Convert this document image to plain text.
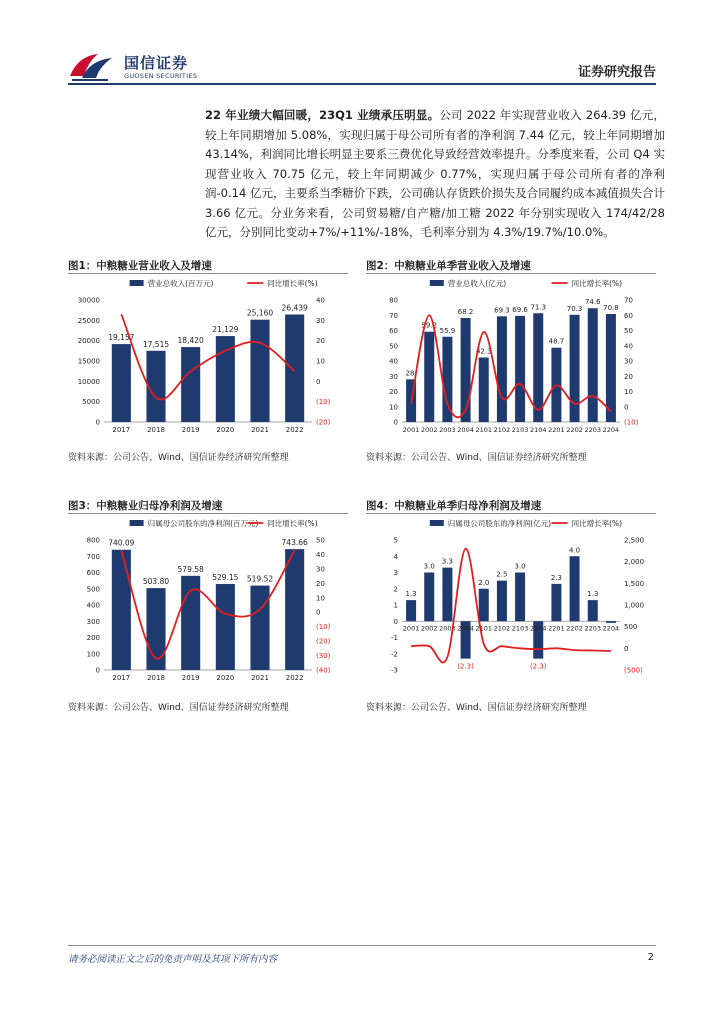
国信证券
GUOSEN SECURITIES	证券研究报告
22 年业绩大幅回暖，23Q1 业绩承压明显。公司 2022 年实现营业收入 264.39 亿元，较上年同期增加 5.08%，实现归属于母公司所有者的净利润 7.44 亿元，较上年同期增加 43.14%，利润同比增长明显主要系三费优化导致经营效率提升。分季度来看，公司 Q4 实现营业收入 70.75 亿元，较上年同期减少 0.77%，实现归属于母公司所有者的净利润-0.14 亿元，主要系当季糖价下跌，公司确认存货跌价损失及合同履约成本减值损失合计 3.66 亿元。分业务来看，公司贸易糖/自产糖/加工糖 2022 年分别实现收入 174/42/28 亿元，分别同比变动+7%/+11%/-18%，毛利率分别为 4.3%/19.7%/10.0%。
图1：中粮糖业营业收入及增速
营业总收入(百万元)	同比增长率(%)
0
5000
10000
15000
20000
25000
30000
(20)
(10)
0
10
20
30
40
19,157
17,515 18,420
21,129
25,160
26,439
2017 2018 2019 2020 2021 2022
资料来源：公司公告、Wind、国信证券经济研究所整理
图2：中粮糖业单季营业收入及增速
营业总收入(亿元)	同比增长率(%)
0
10
20
30
40
50
60
70
80
(10)
0
10
20
30
40
50
60
70
28.
59.2
55.9
68.2
42.3
69.3 69.6 71.3
48.7
70.3
74.6
70.8
2001 2002 2003 2004 2101 2102 2103 2104 2201 2202 2203 2204
资料来源：公司公告、Wind、国信证券经济研究所整理
图3：中粮糖业归母净利润及增速
归属母公司股东的净利润(百万元) 同比增长率(%)
0
100
200
300
400
500
600
700
800
(40)
(30)
(20)
(10)
0
10
20
30
40
50
740.09
503.80
579.58
529.15 519.52
743.66
2017 2018 2019 2020 2021 2022
资料来源：公司公告、Wind、国信证券经济研究所整理
图4：中粮糖业单季归母净利润及增速
归属母公司股东的净利润(亿元)	同比增长率(%)
-3
-2
-1
0
1
2
3
4
5
(500)
0
500
1,000
1,500
2,000
2,500
1.3
3.0
3.3
(2.3)
2.0
2.5
3.0
(2.3)
2.3
4.0
1.3
2001 2002 2003 2004 2101 2102 2103 2104 2201 2202 2203 2204
资料来源：公司公告、Wind、国信证券经济研究所整理
请务必阅读正文之后的免责声明及其项下所有内容	2
